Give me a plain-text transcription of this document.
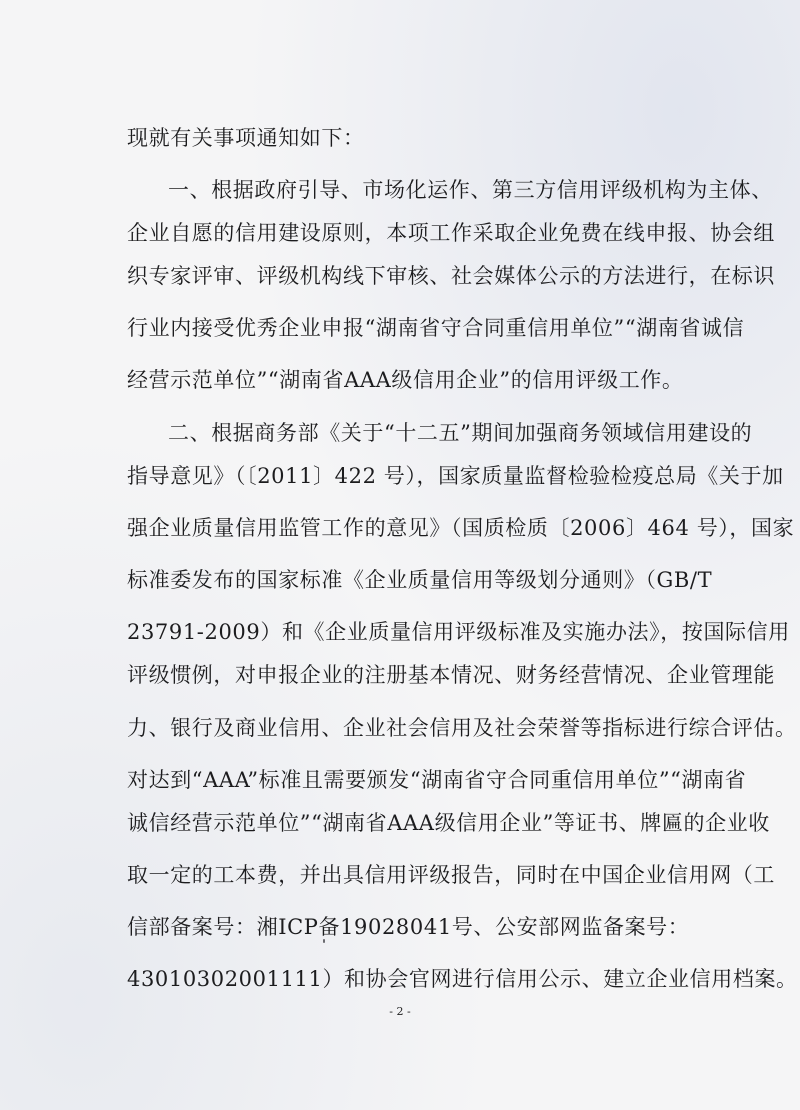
现就有关事项通知如下：
一、根据政府引导、市场化运作、第三方信用评级机构为主体、
企业自愿的信用建设原则，本项工作采取企业免费在线申报、协会组
织专家评审、评级机构线下审核、社会媒体公示的方法进行，在标识
行业内接受优秀企业申报“湖南省守合同重信用单位”“湖南省诚信
经营示范单位”“湖南省AAA级信用企业”的信用评级工作。
二、根据商务部《关于“十二五”期间加强商务领域信用建设的
指导意见》（〔2011〕422 号），国家质量监督检验检疫总局《关于加
强企业质量信用监管工作的意见》（国质检质〔2006〕464 号），国家
标准委发布的国家标准《企业质量信用等级划分通则》（GB/T
23791-2009）和《企业质量信用评级标准及实施办法》，按国际信用
评级惯例，对申报企业的注册基本情况、财务经营情况、企业管理能
力、银行及商业信用、企业社会信用及社会荣誉等指标进行综合评估。
对达到“AAA”标准且需要颁发“湖南省守合同重信用单位”“湖南省
诚信经营示范单位”“湖南省AAA级信用企业”等证书、牌匾的企业收
取一定的工本费，并出具信用评级报告，同时在中国企业信用网（工
信部备案号：湘ICP备19028041号、公安部网监备案号：
43010302001111）和协会官网进行信用公示、建立企业信用档案。
- 2 -
